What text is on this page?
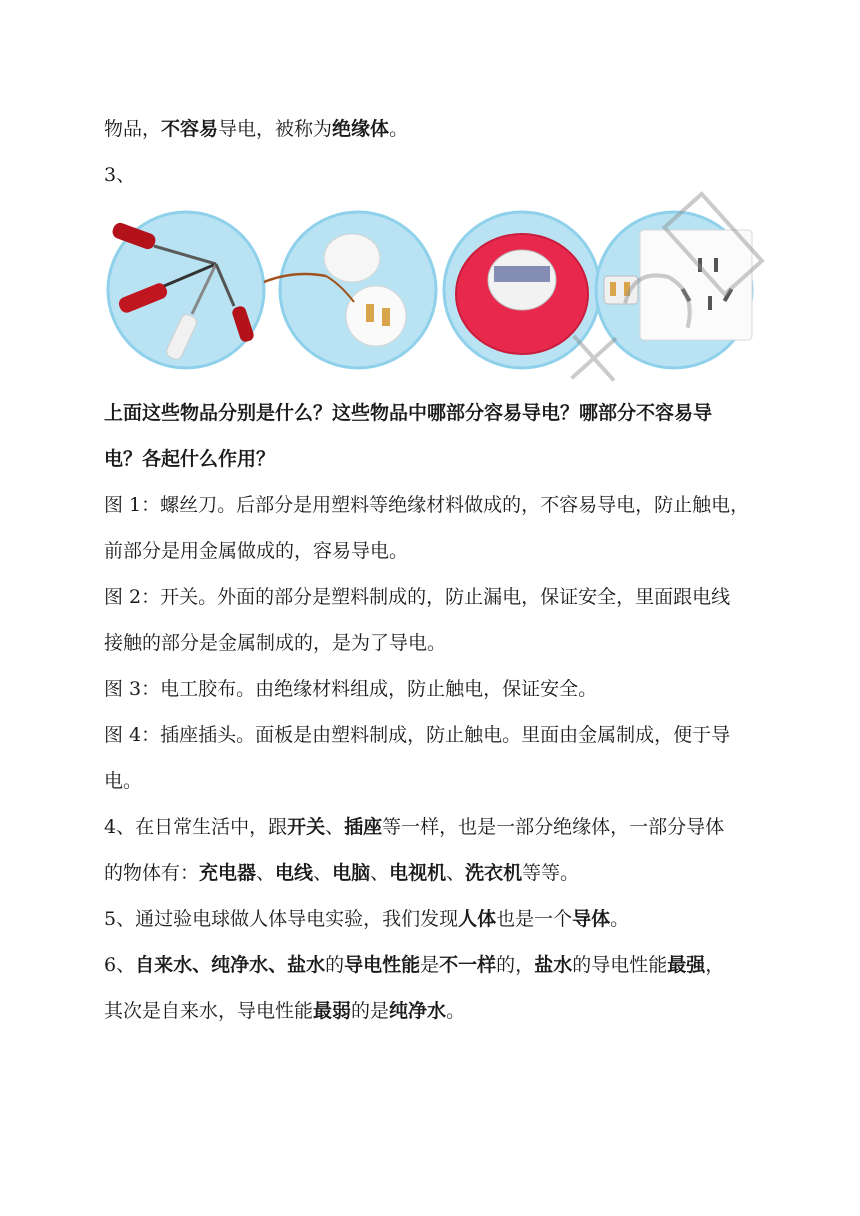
物品，不容易导电，被称为绝缘体。
3、
上面这些物品分别是什么？这些物品中哪部分容易导电？哪部分不容易导
电？各起什么作用？
图 1：螺丝刀。后部分是用塑料等绝缘材料做成的，不容易导电，防止触电，
前部分是用金属做成的，容易导电。
图 2：开关。外面的部分是塑料制成的，防止漏电，保证安全，里面跟电线
接触的部分是金属制成的，是为了导电。
图 3：电工胶布。由绝缘材料组成，防止触电，保证安全。
图 4：插座插头。面板是由塑料制成，防止触电。里面由金属制成，便于导
电。
4、在日常生活中，跟开关、插座等一样，也是一部分绝缘体，一部分导体
的物体有：充电器、电线、电脑、电视机、洗衣机等等。
5、通过验电球做人体导电实验，我们发现人体也是一个导体。
6、自来水、纯净水、盐水的导电性能是不一样的，盐水的导电性能最强，
其次是自来水，导电性能最弱的是纯净水。
